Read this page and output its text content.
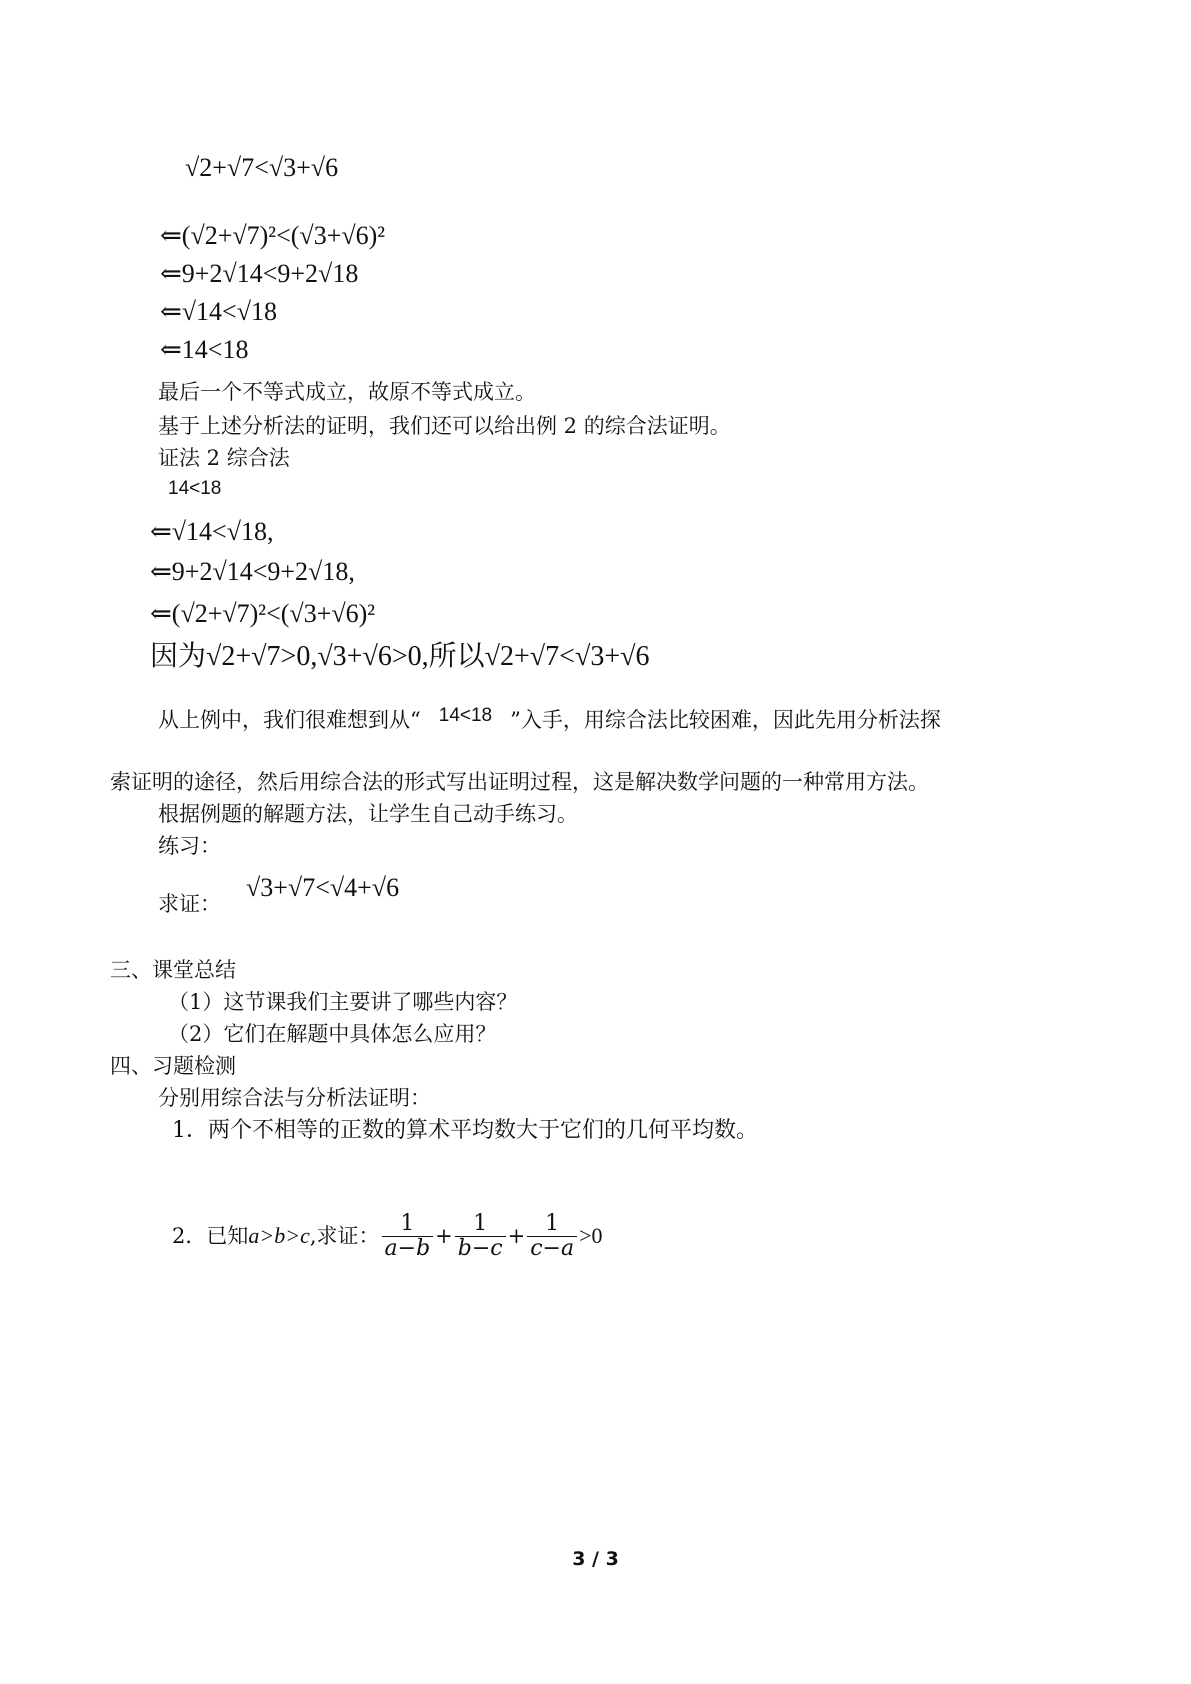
√2+√7<√3+√6
⇐(√2+√7)²<(√3+√6)²
⇐9+2√14<9+2√18
⇐√14<√18
⇐14<18
最后一个不等式成立，故原不等式成立。
基于上述分析法的证明，我们还可以给出例 2 的综合法证明。
证法 2 综合法
14<18
⇐√14<√18,
⇐9+2√14<9+2√18,
⇐(√2+√7)²<(√3+√6)²
因为√2+√7>0,√3+√6>0,所以√2+√7<√3+√6
从上例中，我们很难想到从“ 14<18 ”入手，用综合法比较困难，因此先用分析法探
索证明的途径，然后用综合法的形式写出证明过程，这是解决数学问题的一种常用方法。
根据例题的解题方法，让学生自己动手练习。
练习：
求证：
√3+√7<√4+√6
三、课堂总结
（1）这节课我们主要讲了哪些内容？
（2）它们在解题中具体怎么应用？
四、习题检测
分别用综合法与分析法证明：
1．两个不相等的正数的算术平均数大于它们的几何平均数。
2．已知 a>b>c ,求证： $\frac{1}{a-b} + \frac{1}{b-c} + \frac{1}{c-a} >0$
3 / 3
